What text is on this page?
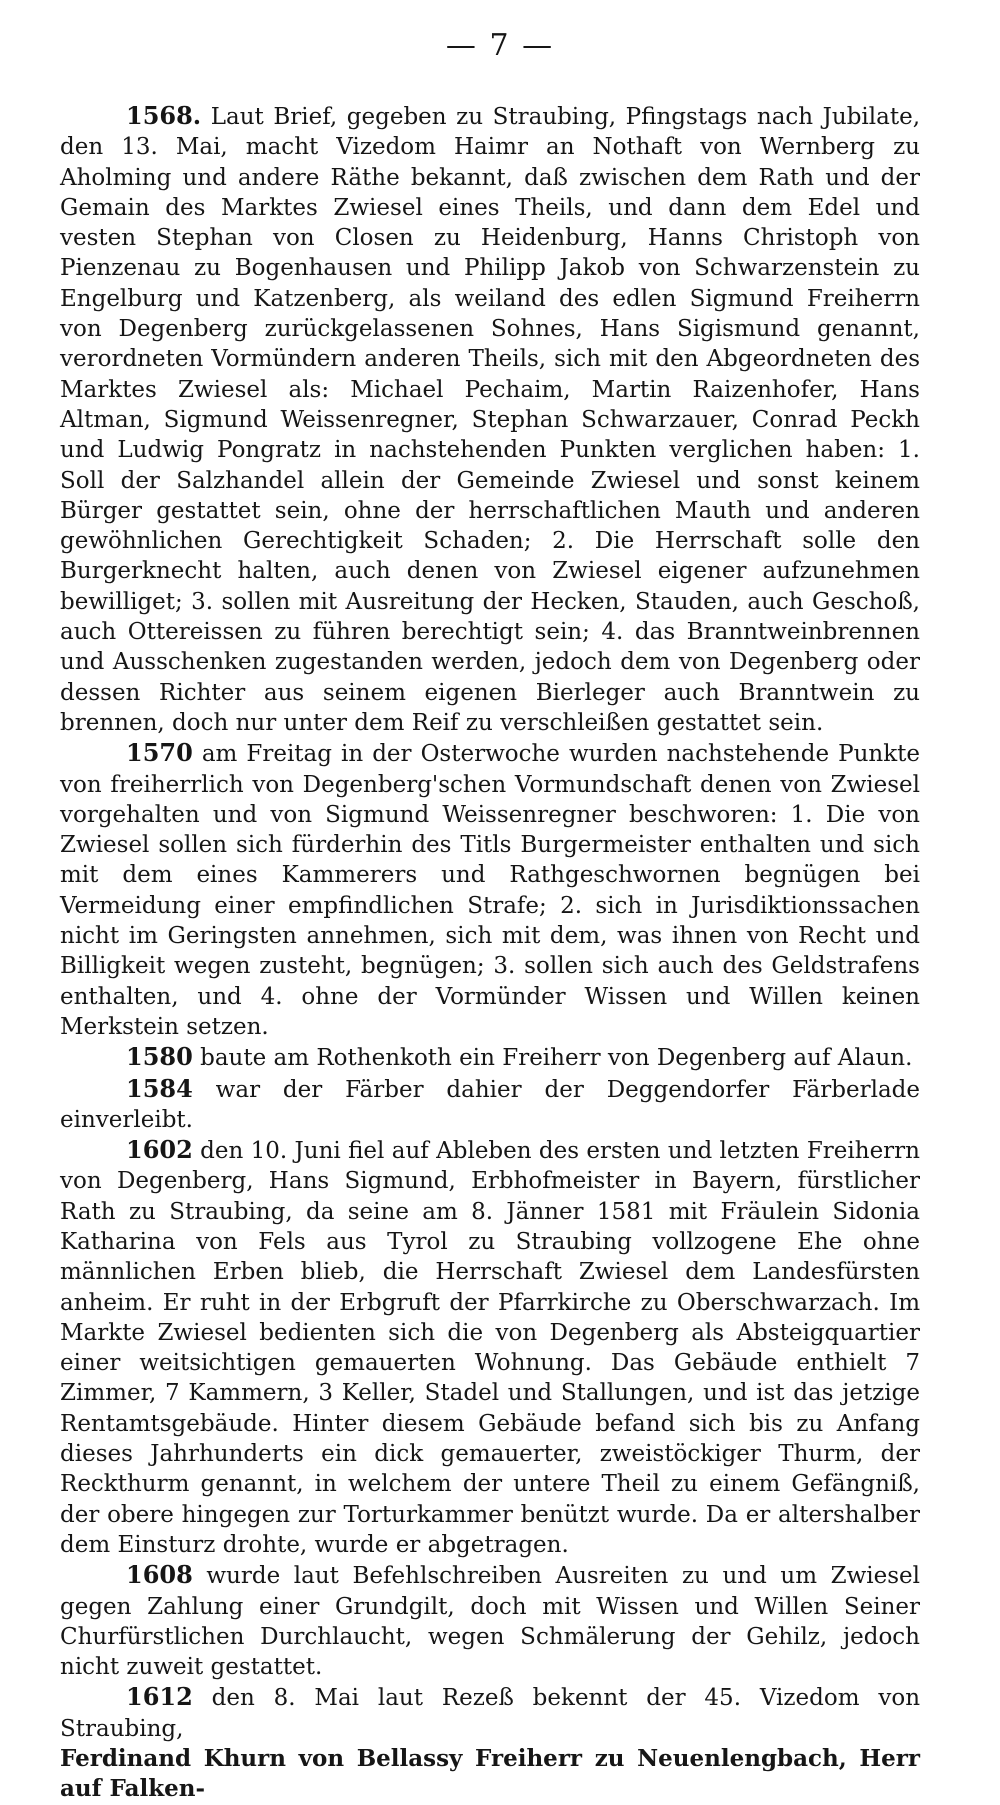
— 7 —

1568. Laut Brief, gegeben zu Straubing, Pfingstags nach Jubilate, den 13. Mai, macht Vizedom Haimr an Nothaft von Wernberg zu Aholming und andere Räthe bekannt, daß zwischen dem Rath und der Gemain des Marktes Zwiesel eines Theils, und dann dem Edel und vesten Stephan von Closen zu Heidenburg, Hanns Christoph von Pienzenau zu Bogenhausen und Philipp Jakob von Schwarzenstein zu Engelburg und Katzenberg, als weiland des edlen Sigmund Freiherrn von Degenberg zurückgelassenen Sohnes, Hans Sigismund genannt, verordneten Vormündern anderen Theils, sich mit den Abgeordneten des Marktes Zwiesel als: Michael Pechaim, Martin Raizenhofer, Hans Altman, Sigmund Weissenregner, Stephan Schwarzauer, Conrad Peckh und Ludwig Pongratz in nachstehenden Punkten verglichen haben: 1. Soll der Salzhandel allein der Gemeinde Zwiesel und sonst keinem Bürger gestattet sein, ohne der herrschaftlichen Mauth und anderen gewöhnlichen Gerechtigkeit Schaden; 2. Die Herrschaft solle den Burgerknecht halten, auch denen von Zwiesel eigener aufzunehmen bewilliget; 3. sollen mit Ausreitung der Hecken, Stauden, auch Geschoß, auch Ottereissen zu führen berechtigt sein; 4. das Branntweinbrennen und Ausschenken zugestanden werden, jedoch dem von Degenberg oder dessen Richter aus seinem eigenen Bierleger auch Branntwein zu brennen, doch nur unter dem Reif zu verschleißen gestattet sein.

1570 am Freitag in der Osterwoche wurden nachstehende Punkte von freiherrlich von Degenberg'schen Vormundschaft denen von Zwiesel vorgehalten und von Sigmund Weissenregner beschworen: 1. Die von Zwiesel sollen sich fürderhin des Titls Burgermeister enthalten und sich mit dem eines Kammerers und Rathgeschwornen begnügen bei Vermeidung einer empfindlichen Strafe; 2. sich in Jurisdiktionssachen nicht im Geringsten annehmen, sich mit dem, was ihnen von Recht und Billigkeit wegen zusteht, begnügen; 3. sollen sich auch des Geldstrafens enthalten, und 4. ohne der Vormünder Wissen und Willen keinen Merkstein setzen.

1580 baute am Rothenkoth ein Freiherr von Degenberg auf Alaun.

1584 war der Färber dahier der Deggendorfer Färberlade einverleibt.

1602 den 10. Juni fiel auf Ableben des ersten und letzten Freiherrn von Degenberg, Hans Sigmund, Erbhofmeister in Bayern, fürstlicher Rath zu Straubing, da seine am 8. Jänner 1581 mit Fräulein Sidonia Katharina von Fels aus Tyrol zu Straubing vollzogene Ehe ohne männlichen Erben blieb, die Herrschaft Zwiesel dem Landesfürsten anheim. Er ruht in der Erbgruft der Pfarrkirche zu Oberschwarzach. Im Markte Zwiesel bedienten sich die von Degenberg als Absteigquartier einer weitsichtigen gemauerten Wohnung. Das Gebäude enthielt 7 Zimmer, 7 Kammern, 3 Keller, Stadel und Stallungen, und ist das jetzige Rentamtsgebäude. Hinter diesem Gebäude befand sich bis zu Anfang dieses Jahrhunderts ein dick gemauerter, zweistöckiger Thurm, der Reckthurm genannt, in welchem der untere Theil zu einem Gefängniß, der obere hingegen zur Torturkammer benützt wurde. Da er altershalber dem Einsturz drohte, wurde er abgetragen.

1608 wurde laut Befehlschreiben Ausreiten zu und um Zwiesel gegen Zahlung einer Grundgilt, doch mit Wissen und Willen Seiner Churfürstlichen Durchlaucht, wegen Schmälerung der Gehilz, jedoch nicht zuweit gestattet.

1612 den 8. Mai laut Rezeß bekennt der 45. Vizedom von Straubing,

Ferdinand Khurn von Bellassy Freiherr zu Neuenlengbach, Herr auf Falken-
